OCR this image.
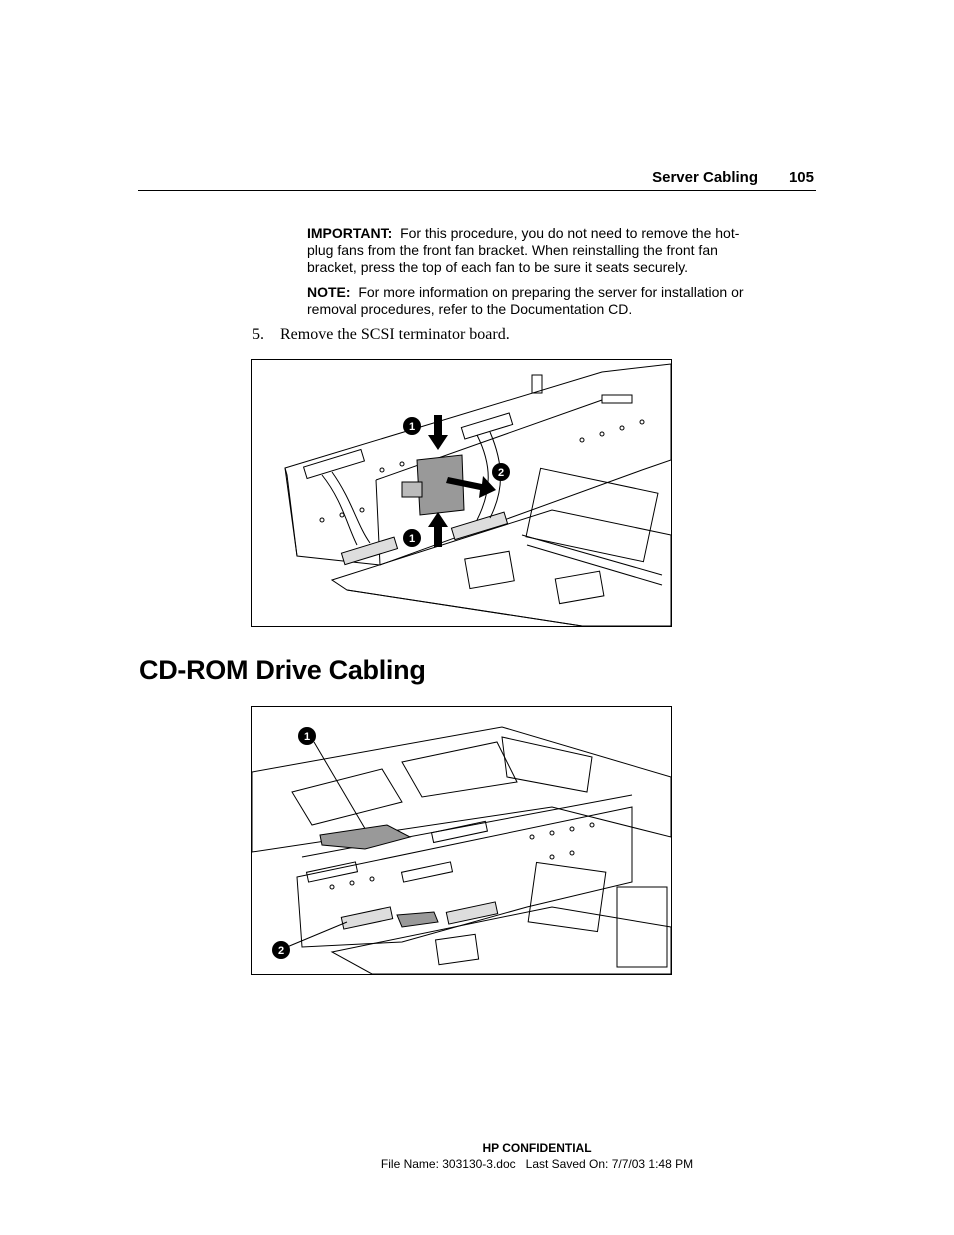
Server Cabling 105
IMPORTANT: For this procedure, you do not need to remove the hot-plug fans from the front fan bracket. When reinstalling the front fan bracket, press the top of each fan to be sure it seats securely.
NOTE: For more information on preparing the server for installation or removal procedures, refer to the Documentation CD.
5. Remove the SCSI terminator board.
1
2
1
CD-ROM Drive Cabling
1
2
HP CONFIDENTIAL
File Name: 303130-3.doc   Last Saved On: 7/7/03 1:48 PM
